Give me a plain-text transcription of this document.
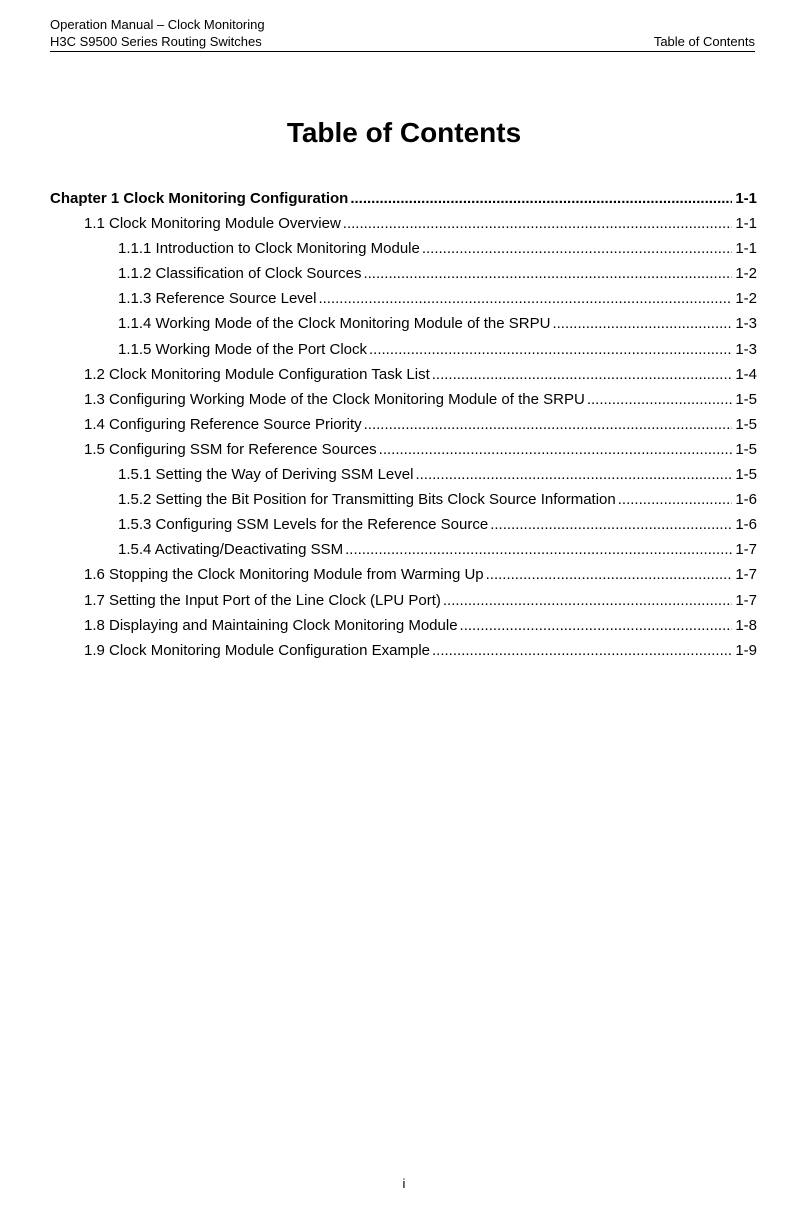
Operation Manual – Clock Monitoring
H3C S9500 Series Routing Switches	Table of Contents
Table of Contents
Chapter 1 Clock Monitoring Configuration .....	1-1
1.1 Clock Monitoring Module Overview .....	1-1
1.1.1 Introduction to Clock Monitoring Module .....	1-1
1.1.2 Classification of Clock Sources .....	1-2
1.1.3 Reference Source Level .....	1-2
1.1.4 Working Mode of the Clock Monitoring Module of the SRPU .....	1-3
1.1.5 Working Mode of the Port Clock .....	1-3
1.2 Clock Monitoring Module Configuration Task List .....	1-4
1.3 Configuring Working Mode of the Clock Monitoring Module of the SRPU .....	1-5
1.4 Configuring Reference Source Priority .....	1-5
1.5 Configuring SSM for Reference Sources .....	1-5
1.5.1 Setting the Way of Deriving SSM Level .....	1-5
1.5.2 Setting the Bit Position for Transmitting Bits Clock Source Information .....	1-6
1.5.3 Configuring SSM Levels for the Reference Source .....	1-6
1.5.4 Activating/Deactivating SSM .....	1-7
1.6 Stopping the Clock Monitoring Module from Warming Up .....	1-7
1.7 Setting the Input Port of the Line Clock (LPU Port) .....	1-7
1.8 Displaying and Maintaining Clock Monitoring Module .....	1-8
1.9 Clock Monitoring Module Configuration Example .....	1-9
i
